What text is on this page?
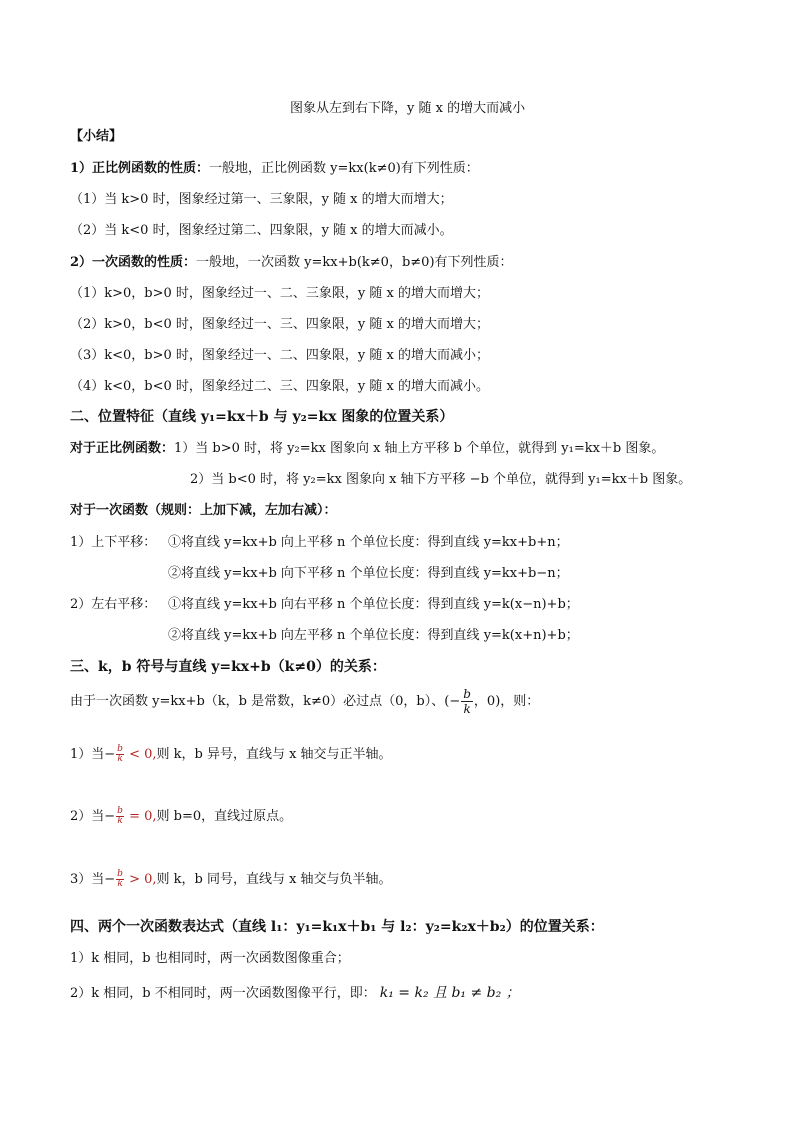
图象从左到右下降，y 随 x 的增大而减小
【小结】
1）正比例函数的性质：一般地，正比例函数 y=kx(k≠0)有下列性质：
（1）当 k>0 时，图象经过第一、三象限，y 随 x 的增大而增大；
（2）当 k<0 时，图象经过第二、四象限，y 随 x 的增大而减小。
2）一次函数的性质：一般地，一次函数 y=kx+b(k≠0，b≠0)有下列性质：
（1）k>0，b>0 时，图象经过一、二、三象限，y 随 x 的增大而增大；
（2）k>0，b<0 时，图象经过一、三、四象限，y 随 x 的增大而增大；
（3）k<0，b>0 时，图象经过一、二、四象限，y 随 x 的增大而减小；
（4）k<0，b<0 时，图象经过二、三、四象限，y 随 x 的增大而减小。
二、位置特征（直线 y₁=kx＋b 与 y₂=kx 图象的位置关系）
对于正比例函数：1）当 b>0 时，将 y₂=kx 图象向 x 轴上方平移 b 个单位，就得到 y₁=kx＋b 图象。
2）当 b<0 时，将 y₂=kx 图象向 x 轴下方平移 −b 个单位，就得到 y₁=kx＋b 图象。
对于一次函数（规则：上加下减，左加右减）：
1）上下平移： ①将直线 y=kx+b 向上平移 n 个单位长度：得到直线 y=kx+b+n；
②将直线 y=kx+b 向下平移 n 个单位长度：得到直线 y=kx+b−n；
2）左右平移： ①将直线 y=kx+b 向右平移 n 个单位长度：得到直线 y=k(x−n)+b；
②将直线 y=kx+b 向左平移 n 个单位长度：得到直线 y=k(x+n)+b；
三、k，b 符号与直线 y=kx+b（k≠0）的关系：
由于一次函数 y=kx+b（k，b 是常数，k≠0）必过点（0，b）、(− $\frac{b}{k}$ ，0)，则：
1）当− $\frac{b}{k} < 0$,则 k，b 异号，直线与 x 轴交与正半轴。
2）当− $\frac{b}{k} = 0$,则 b=0，直线过原点。
3）当− $\frac{b}{k} > 0$,则 k，b 同号，直线与 x 轴交与负半轴。
四、两个一次函数表达式（直线 l₁：y₁=k₁x＋b₁ 与 l₂：y₂=k₂x＋b₂）的位置关系：
1）k 相同，b 也相同时，两一次函数图像重合；
2）k 相同，b 不相同时，两一次函数图像平行，即： k₁ = k₂ 且 b₁ ≠ b₂ ；
